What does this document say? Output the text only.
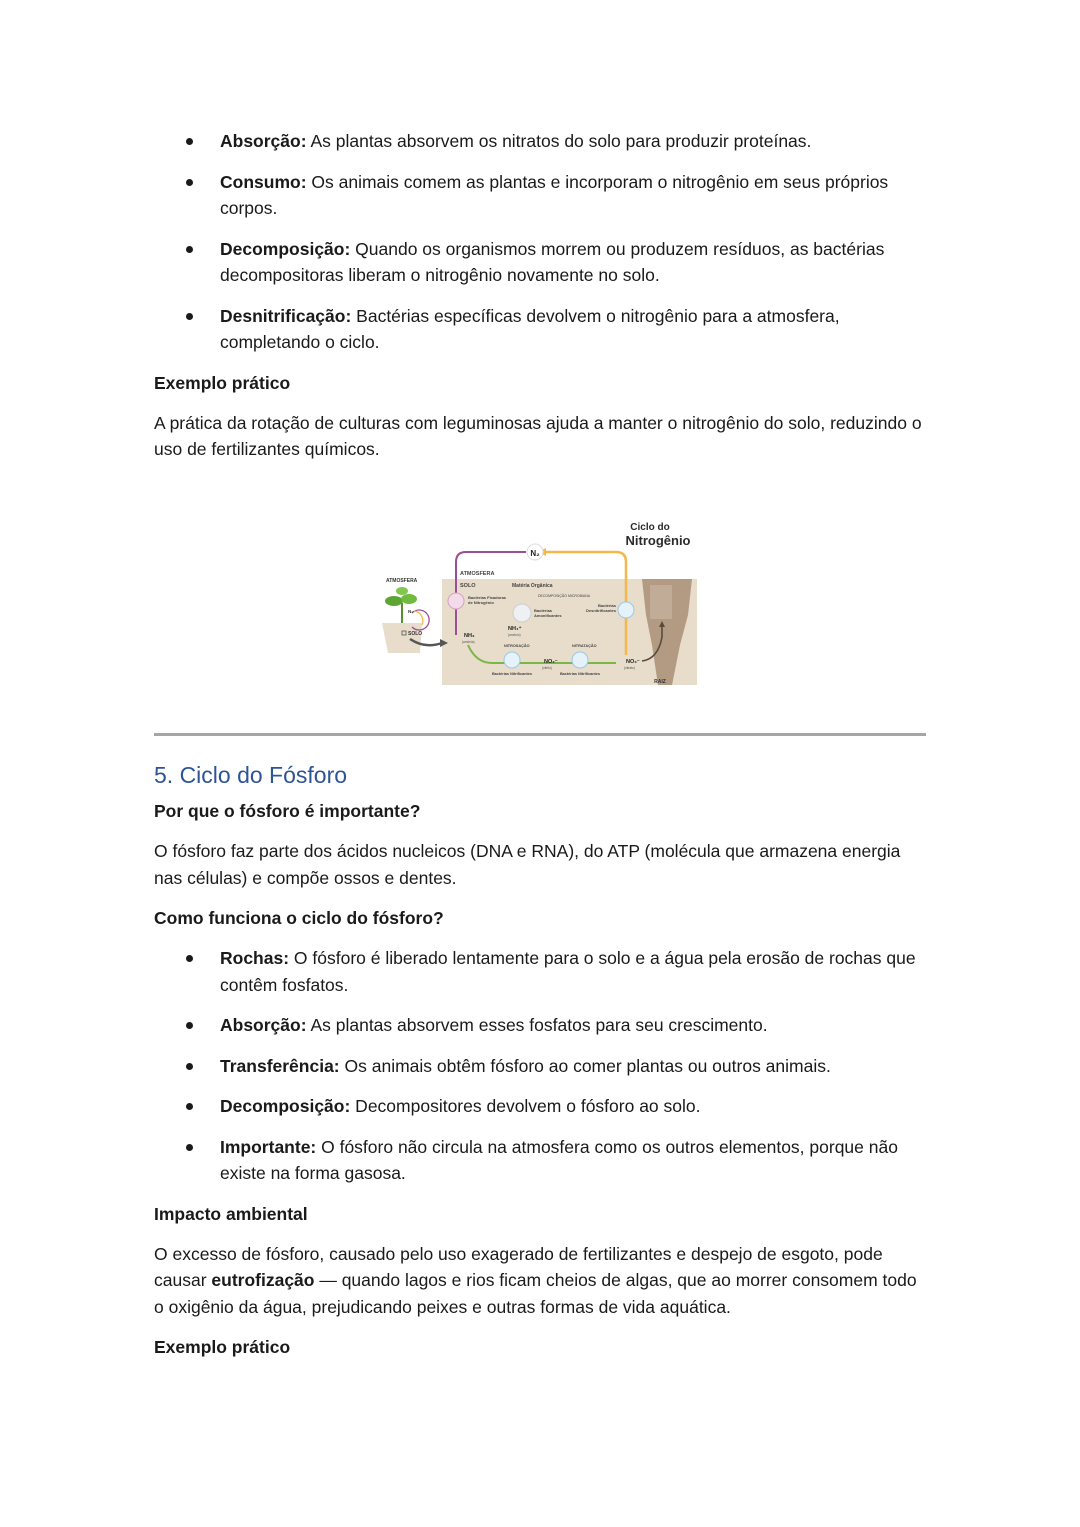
Absorção: As plantas absorvem os nitratos do solo para produzir proteínas.
Consumo: Os animais comem as plantas e incorporam o nitrogênio em seus próprios corpos.
Decomposição: Quando os organismos morrem ou produzem resíduos, as bactérias decompositoras liberam o nitrogênio novamente no solo.
Desnitrificação: Bactérias específicas devolvem o nitrogênio para a atmosfera, completando o ciclo.

Exemplo prático

A prática da rotação de culturas com leguminosas ajuda a manter o nitrogênio do solo, reduzindo o uso de fertilizantes químicos.

ATMOSFERA
N₂
SOLO
Ciclo do
Nitrogênio
N₂
ATMOSFERA
SOLO	Matéria Orgânica
DECOMPOSIÇÃO MICROBIANA
Bactérias Fixadoras
de Nitrogênio
Bactérias
Amonificantes
Bactérias
Desnitrificantes
NH₃
(amônia)
NH₄⁺
(amônio)
NITROSAÇÃO	NITRATAÇÃO
NO₂⁻
(nitrito)
NO₃⁻
(nitrato)
Bactérias Nitrificantes	Bactérias Nitrificantes
RAIZ
5. Ciclo do Fósforo

Por que o fósforo é importante?

O fósforo faz parte dos ácidos nucleicos (DNA e RNA), do ATP (molécula que armazena energia nas células) e compõe ossos e dentes.

Como funciona o ciclo do fósforo?

Rochas: O fósforo é liberado lentamente para o solo e a água pela erosão de rochas que contêm fosfatos.
Absorção: As plantas absorvem esses fosfatos para seu crescimento.
Transferência: Os animais obtêm fósforo ao comer plantas ou outros animais.
Decomposição: Decompositores devolvem o fósforo ao solo.
Importante: O fósforo não circula na atmosfera como os outros elementos, porque não existe na forma gasosa.

Impacto ambiental

O excesso de fósforo, causado pelo uso exagerado de fertilizantes e despejo de esgoto, pode causar eutrofização — quando lagos e rios ficam cheios de algas, que ao morrer consomem todo o oxigênio da água, prejudicando peixes e outras formas de vida aquática.

Exemplo prático
